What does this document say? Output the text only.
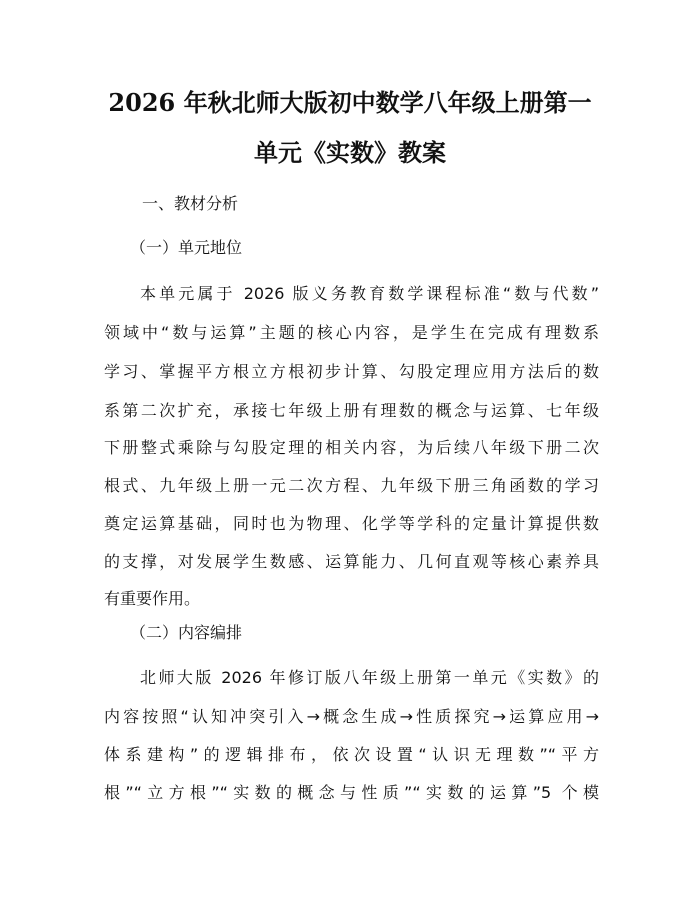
2026 年秋北师大版初中数学八年级上册第一
单元《实数》教案
一、教材分析
（一）单元地位
本单元属于 2026 版义务教育数学课程标准“数与代数”
领域中“数与运算”主题的核心内容，是学生在完成有理数系
学习、掌握平方根立方根初步计算、勾股定理应用方法后的数
系第二次扩充，承接七年级上册有理数的概念与运算、七年级
下册整式乘除与勾股定理的相关内容，为后续八年级下册二次
根式、九年级上册一元二次方程、九年级下册三角函数的学习
奠定运算基础，同时也为物理、化学等学科的定量计算提供数
的支撑，对发展学生数感、运算能力、几何直观等核心素养具
有重要作用。
（二）内容编排
北师大版 2026 年修订版八年级上册第一单元《实数》的
内容按照“认知冲突引入→概念生成→性质探究→运算应用→
体系建构”的逻辑排布，依次设置“认识无理数”“平方
根”“立方根”“实数的概念与性质”“实数的运算”5 个模
